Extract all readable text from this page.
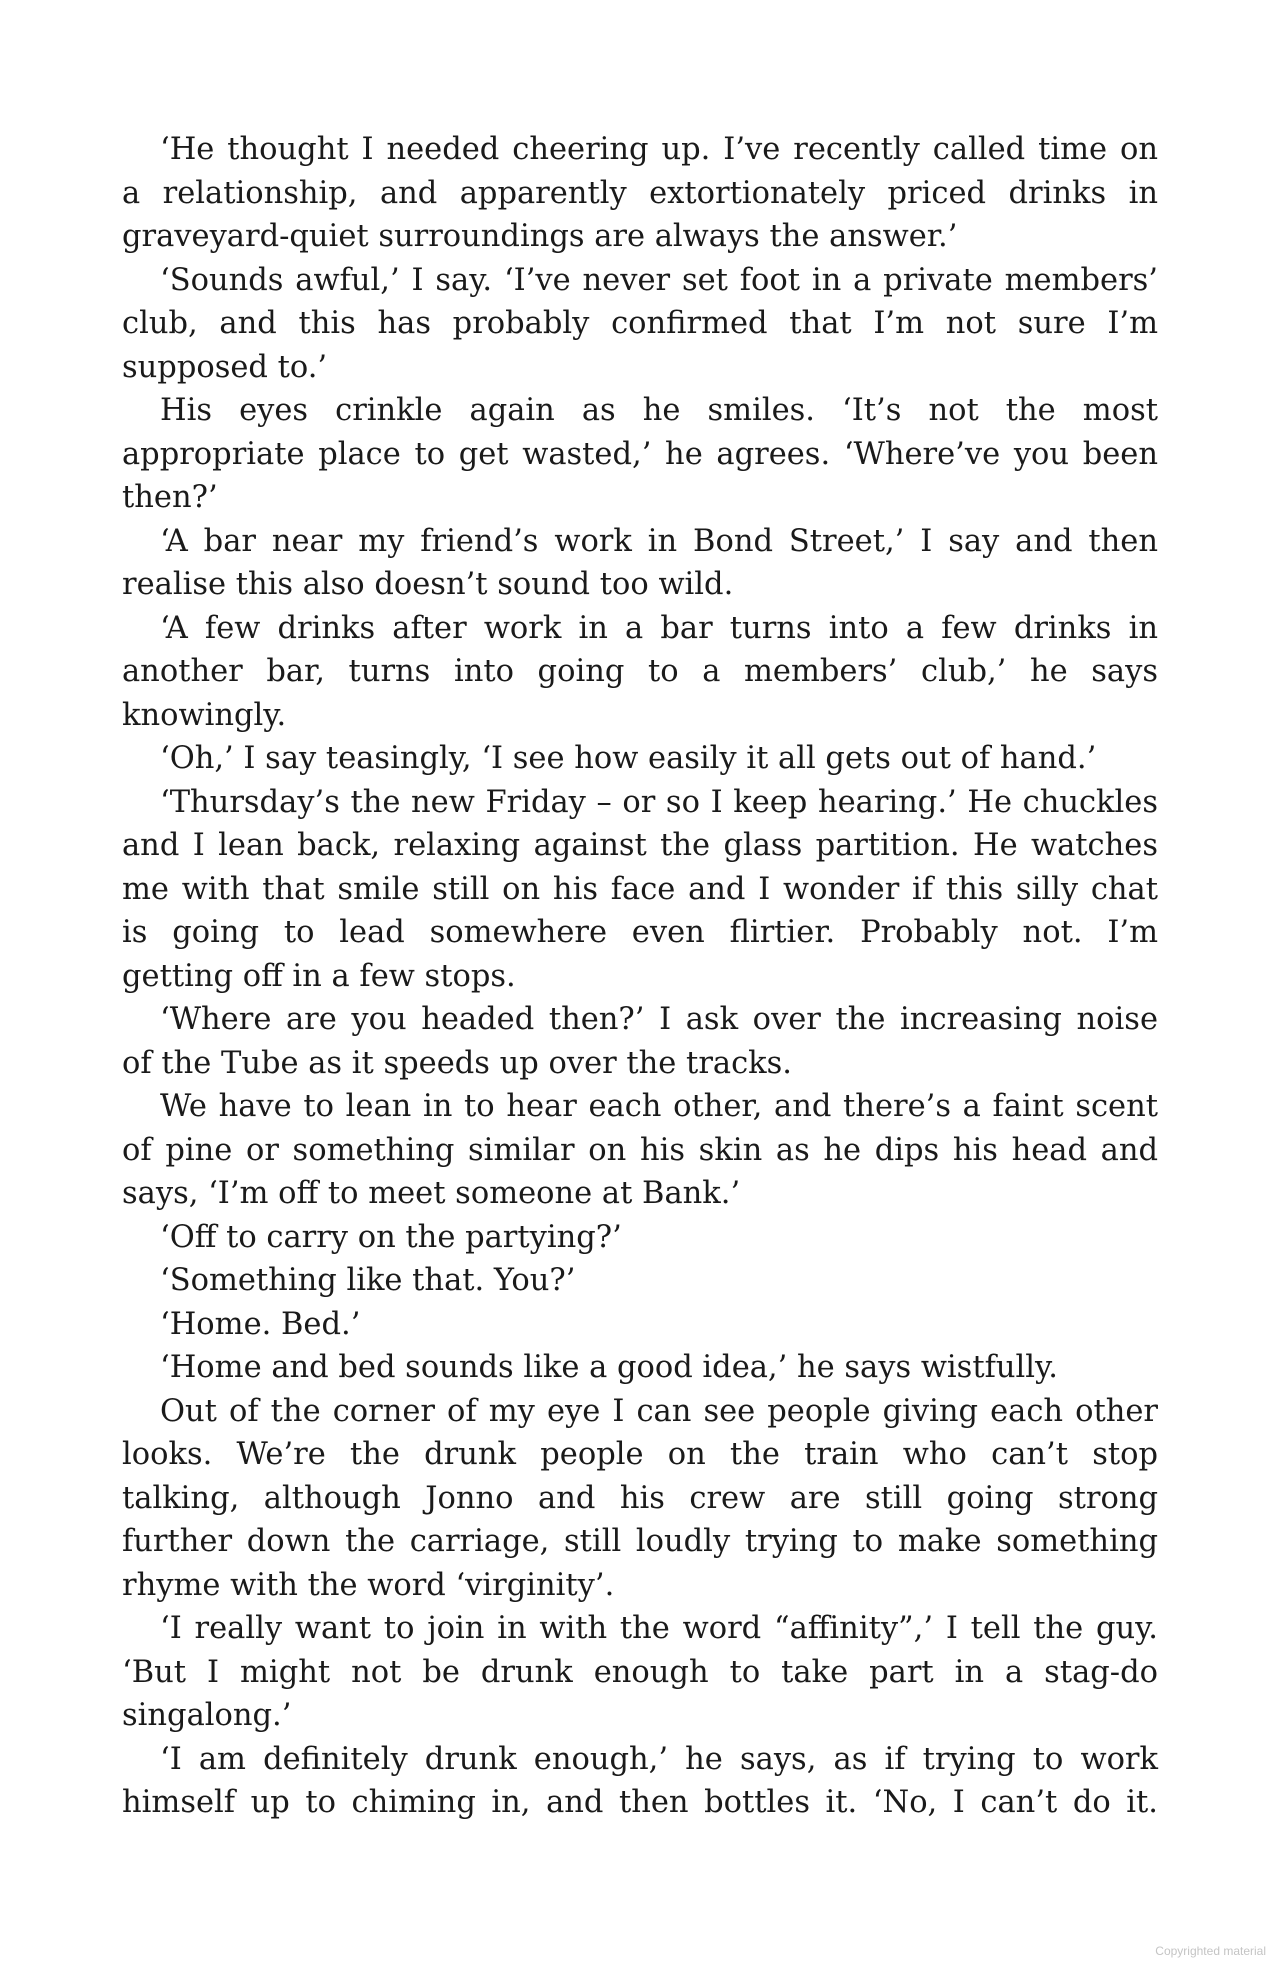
‘He thought I needed cheering up. I’ve recently called time on
a relationship, and apparently extortionately priced drinks in
graveyard-quiet surroundings are always the answer.’
‘Sounds awful,’ I say. ‘I’ve never set foot in a private members’
club, and this has probably confirmed that I’m not sure I’m
supposed to.’
His eyes crinkle again as he smiles. ‘It’s not the most
appropriate place to get wasted,’ he agrees. ‘Where’ve you been
then?’
‘A bar near my friend’s work in Bond Street,’ I say and then
realise this also doesn’t sound too wild.
‘A few drinks after work in a bar turns into a few drinks in
another bar, turns into going to a members’ club,’ he says
knowingly.
‘Oh,’ I say teasingly, ‘I see how easily it all gets out of hand.’
‘Thursday’s the new Friday – or so I keep hearing.’ He chuckles
and I lean back, relaxing against the glass partition. He watches
me with that smile still on his face and I wonder if this silly chat
is going to lead somewhere even flirtier. Probably not. I’m
getting off in a few stops.
‘Where are you headed then?’ I ask over the increasing noise
of the Tube as it speeds up over the tracks.
We have to lean in to hear each other, and there’s a faint scent
of pine or something similar on his skin as he dips his head and
says, ‘I’m off to meet someone at Bank.’
‘Off to carry on the partying?’
‘Something like that. You?’
‘Home. Bed.’
‘Home and bed sounds like a good idea,’ he says wistfully.
Out of the corner of my eye I can see people giving each other
looks. We’re the drunk people on the train who can’t stop
talking, although Jonno and his crew are still going strong
further down the carriage, still loudly trying to make something
rhyme with the word ‘virginity’.
‘I really want to join in with the word “affinity”,’ I tell the guy.
‘But I might not be drunk enough to take part in a stag-do
singalong.’
‘I am definitely drunk enough,’ he says, as if trying to work
himself up to chiming in, and then bottles it. ‘No, I can’t do it.
Copyrighted material
